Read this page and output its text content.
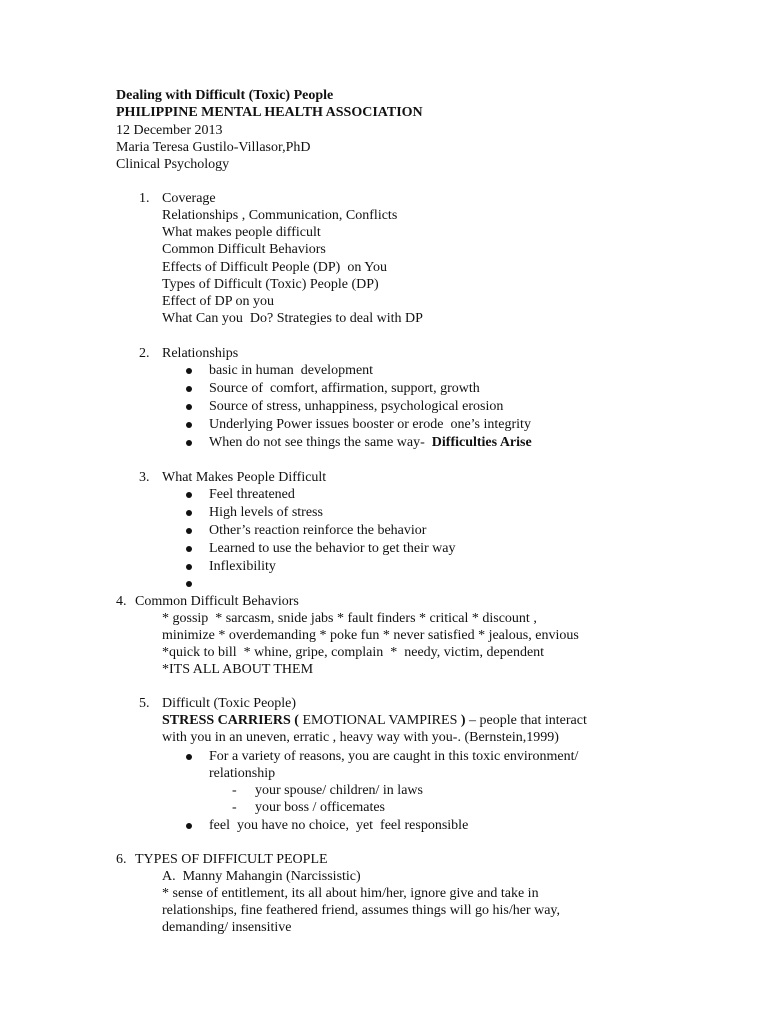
Dealing with Difficult (Toxic) People
PHILIPPINE MENTAL HEALTH ASSOCIATION
12 December 2013
Maria Teresa Gustilo-Villasor,PhD
Clinical Psychology
1. Coverage
Relationships , Communication, Conflicts
What makes people difficult
Common Difficult Behaviors
Effects of Difficult People (DP)  on You
Types of Difficult (Toxic) People (DP)
Effect of DP on you
What Can you  Do? Strategies to deal with DP
2. Relationships
basic in human  development
Source of  comfort, affirmation, support, growth
Source of stress, unhappiness, psychological erosion
Underlying Power issues booster or erode  one’s integrity
When do not see things the same way-  Difficulties Arise
3. What Makes People Difficult
Feel threatened
High levels of stress
Other’s reaction reinforce the behavior
Learned to use the behavior to get their way
Inflexibility
4. Common Difficult Behaviors
* gossip  * sarcasm, snide jabs * fault finders * critical * discount ,
minimize * overdemanding * poke fun * never satisfied * jealous, envious
*quick to bill  * whine, gripe, complain  *  needy, victim, dependent
*ITS ALL ABOUT THEM
5. Difficult (Toxic People)
STRESS CARRIERS ( EMOTIONAL VAMPIRES ) – people that interact
with you in an uneven, erratic , heavy way with you-. (Bernstein,1999)
For a variety of reasons, you are caught in this toxic environment/
relationship
- your spouse/ children/ in laws
- your boss / officemates
feel  you have no choice,  yet  feel responsible
6. TYPES OF DIFFICULT PEOPLE
A.  Manny Mahangin (Narcissistic)
* sense of entitlement, its all about him/her, ignore give and take in
relationships, fine feathered friend, assumes things will go his/her way,
demanding/ insensitive
